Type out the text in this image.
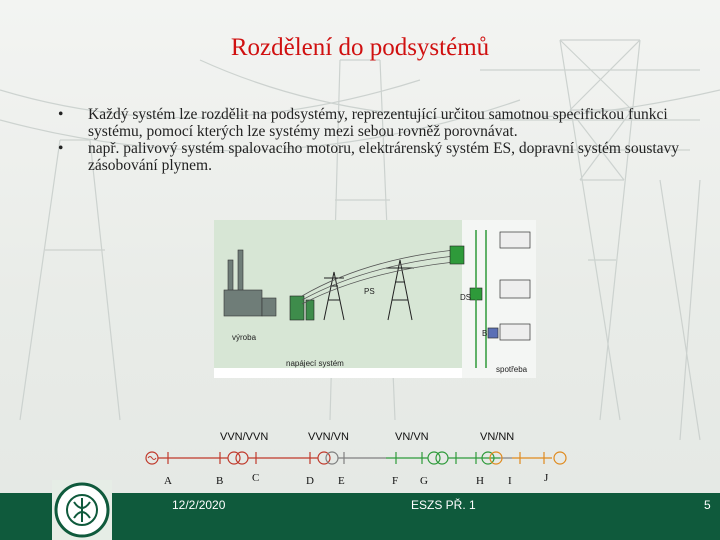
Rozdělení do podsystémů
• Každý systém lze rozdělit na podsystémy, reprezentující určitou samotnou specifickou funkci systému, pomocí kterých lze systémy mezi sebou rovněž porovnávat.
• např. palivový systém spalovacího motoru, elektrárenský systém ES, dopravní systém soustavy zásobování plynem.
PS
DS
výroba
napájecí systém
spotřeba
B
VVN/VVN	VVN/VN	VN/VN	VN/NN
A	B	C	D E	F G	H I	J
12/2/2020	ESZS PŘ. 1	5
